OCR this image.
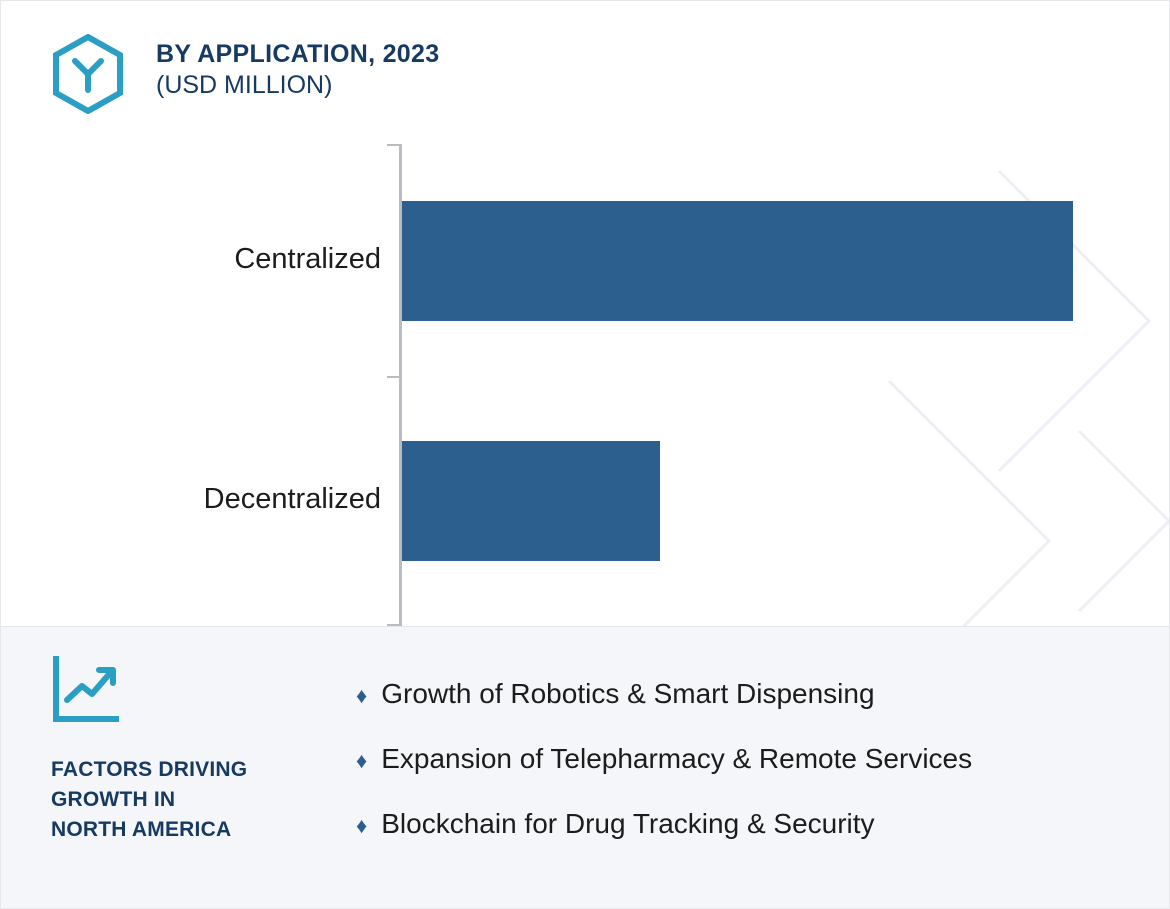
BY APPLICATION, 2023
(USD MILLION)
Centralized
Decentralized
FACTORS DRIVING
GROWTH IN
NORTH AMERICA
♦ Growth of Robotics & Smart Dispensing
♦ Expansion of Telepharmacy & Remote Services
♦ Blockchain for Drug Tracking & Security
